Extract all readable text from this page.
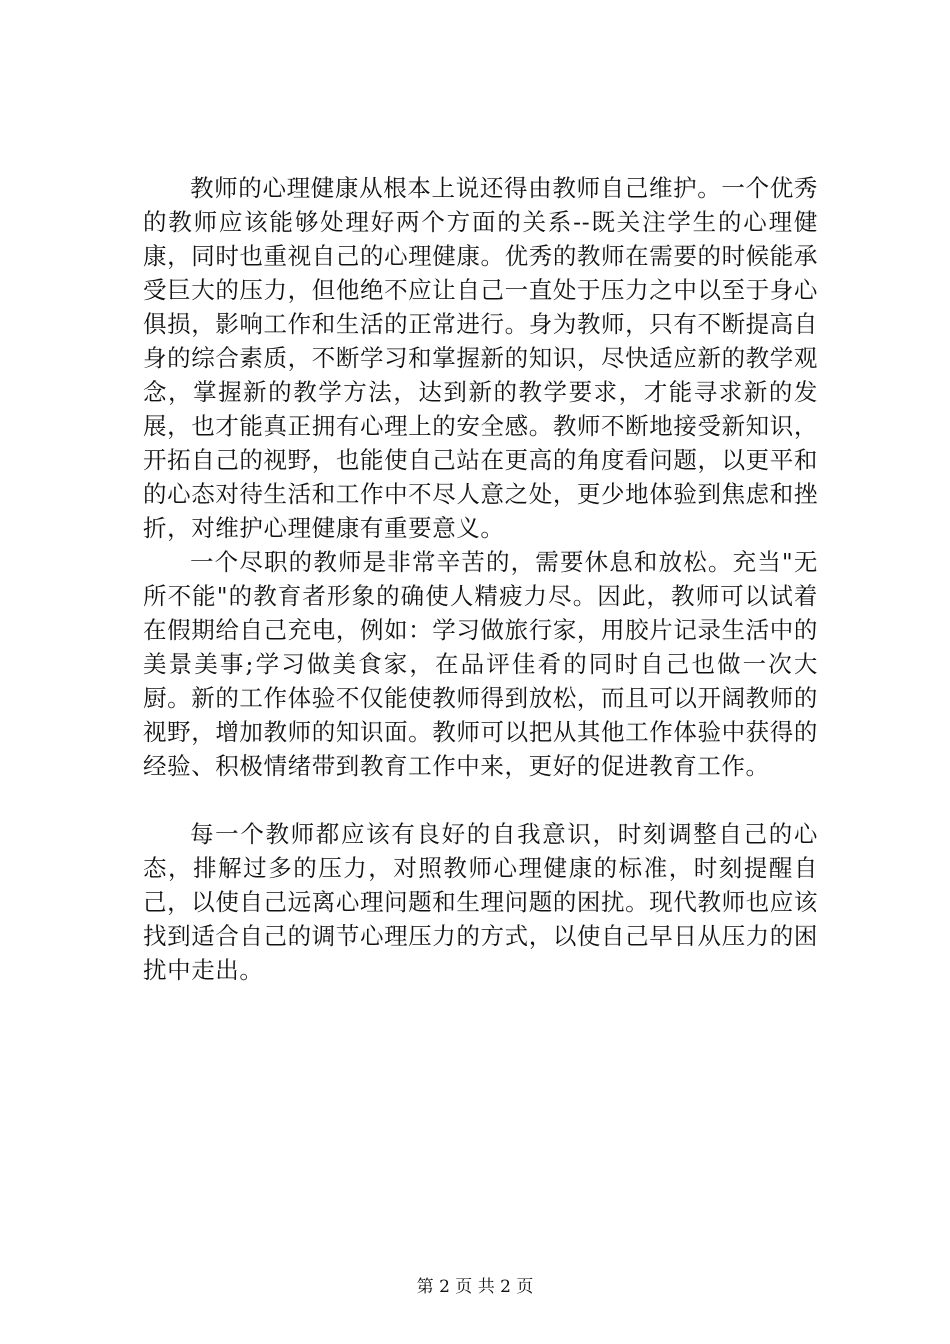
教师的心理健康从根本上说还得由教师自己维护。一个优秀的教师应该能够处理好两个方面的关系--既关注学生的心理健康，同时也重视自己的心理健康。优秀的教师在需要的时候能承受巨大的压力，但他绝不应让自己一直处于压力之中以至于身心俱损，影响工作和生活的正常进行。身为教师，只有不断提高自身的综合素质，不断学习和掌握新的知识，尽快适应新的教学观念，掌握新的教学方法，达到新的教学要求，才能寻求新的发展，也才能真正拥有心理上的安全感。教师不断地接受新知识，开拓自己的视野，也能使自己站在更高的角度看问题，以更平和的心态对待生活和工作中不尽人意之处，更少地体验到焦虑和挫折，对维护心理健康有重要意义。

一个尽职的教师是非常辛苦的，需要休息和放松。充当"无所不能"的教育者形象的确使人精疲力尽。因此，教师可以试着在假期给自己充电，例如：学习做旅行家，用胶片记录生活中的美景美事;学习做美食家，在品评佳肴的同时自己也做一次大厨。新的工作体验不仅能使教师得到放松，而且可以开阔教师的视野，增加教师的知识面。教师可以把从其他工作体验中获得的经验、积极情绪带到教育工作中来，更好的促进教育工作。

每一个教师都应该有良好的自我意识，时刻调整自己的心态，排解过多的压力，对照教师心理健康的标准，时刻提醒自己，以使自己远离心理问题和生理问题的困扰。现代教师也应该找到适合自己的调节心理压力的方式，以使自己早日从压力的困扰中走出。

第 2 页 共 2 页
